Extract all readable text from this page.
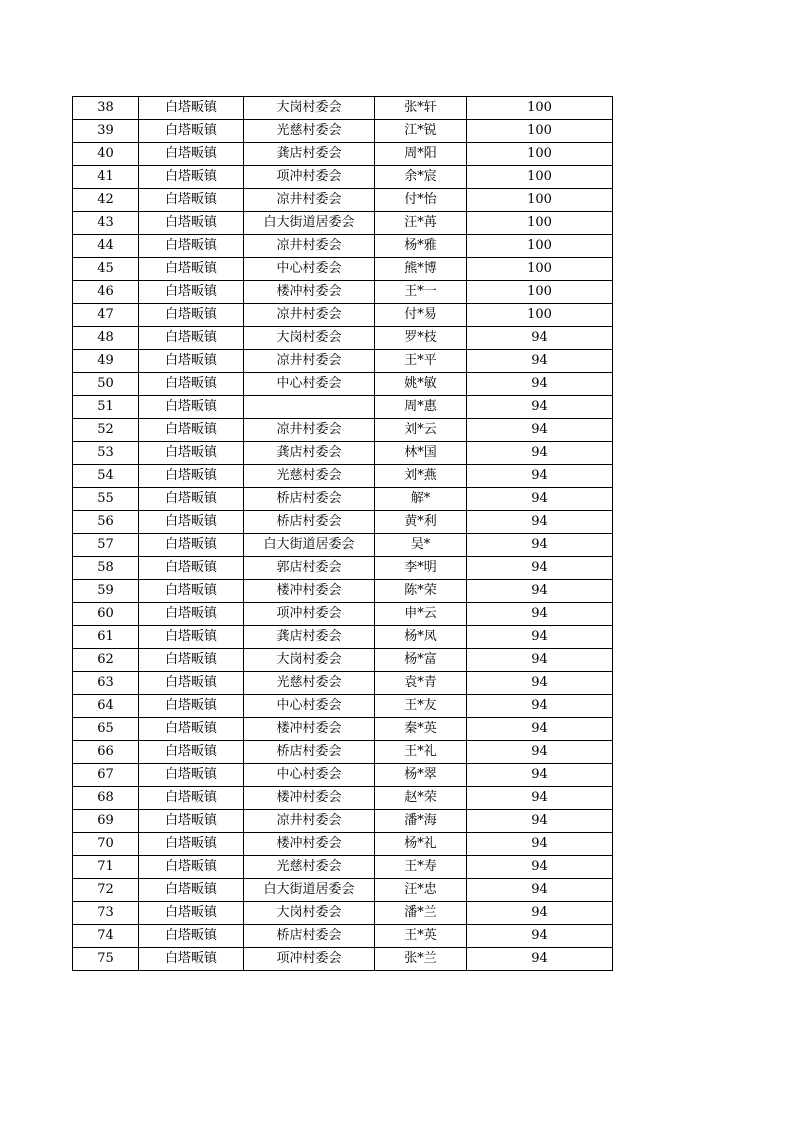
38	白塔畈镇	大岗村委会	张*轩	100
39	白塔畈镇	光慈村委会	江*锐	100
40	白塔畈镇	龚店村委会	周*阳	100
41	白塔畈镇	项冲村委会	余*宸	100
42	白塔畈镇	凉井村委会	付*怡	100
43	白塔畈镇	白大街道居委会	汪*苒	100
44	白塔畈镇	凉井村委会	杨*雅	100
45	白塔畈镇	中心村委会	熊*博	100
46	白塔畈镇	楼冲村委会	王*一	100
47	白塔畈镇	凉井村委会	付*易	100
48	白塔畈镇	大岗村委会	罗*枝	94
49	白塔畈镇	凉井村委会	王*平	94
50	白塔畈镇	中心村委会	姚*敏	94
51	白塔畈镇		周*惠	94
52	白塔畈镇	凉井村委会	刘*云	94
53	白塔畈镇	龚店村委会	林*国	94
54	白塔畈镇	光慈村委会	刘*燕	94
55	白塔畈镇	桥店村委会	解*	94
56	白塔畈镇	桥店村委会	黄*利	94
57	白塔畈镇	白大街道居委会	吴*	94
58	白塔畈镇	郭店村委会	李*明	94
59	白塔畈镇	楼冲村委会	陈*荣	94
60	白塔畈镇	项冲村委会	申*云	94
61	白塔畈镇	龚店村委会	杨*凤	94
62	白塔畈镇	大岗村委会	杨*富	94
63	白塔畈镇	光慈村委会	袁*青	94
64	白塔畈镇	中心村委会	王*友	94
65	白塔畈镇	楼冲村委会	秦*英	94
66	白塔畈镇	桥店村委会	王*礼	94
67	白塔畈镇	中心村委会	杨*翠	94
68	白塔畈镇	楼冲村委会	赵*荣	94
69	白塔畈镇	凉井村委会	潘*海	94
70	白塔畈镇	楼冲村委会	杨*礼	94
71	白塔畈镇	光慈村委会	王*寿	94
72	白塔畈镇	白大街道居委会	汪*忠	94
73	白塔畈镇	大岗村委会	潘*兰	94
74	白塔畈镇	桥店村委会	王*英	94
75	白塔畈镇	项冲村委会	张*兰	94
